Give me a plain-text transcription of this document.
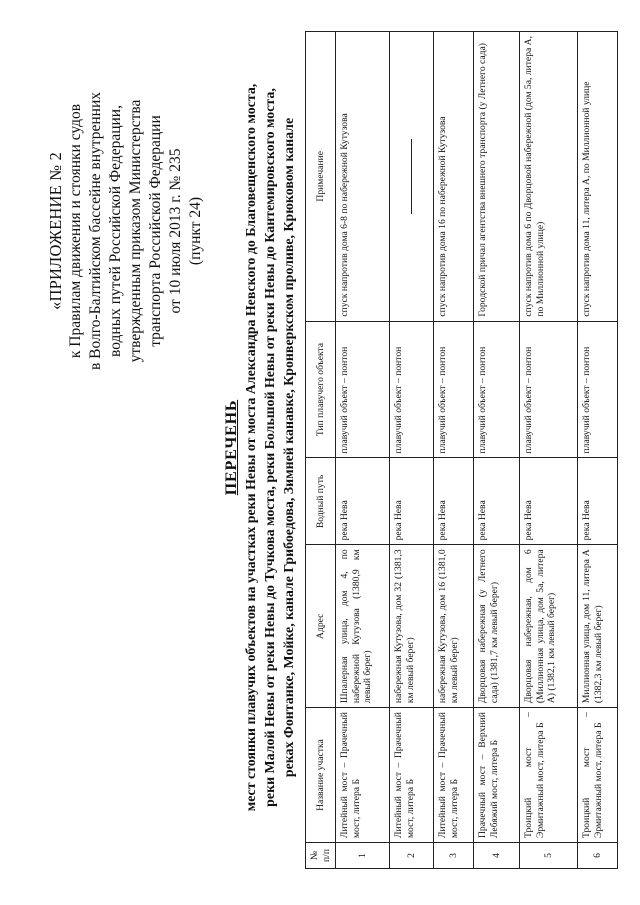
«ПРИЛОЖЕНИЕ № 2 к Правилам движения и стоянки судов в Волго-Балтийском бассейне внутренних водных путей Российской Федерации, утвержденным приказом Министерства транспорта Российской Федерации от 10 июля 2013 г. № 235 (пункт 24)
ПЕРЕЧЕНЬ мест стоянки плавучих объектов на участках реки Невы от моста Александра Невского до Благовещенского моста, реки Малой Невы от реки Невы до Тучкова моста, реки Большой Невы от реки Невы до Кантемировского моста, реках Фонтанке, Мойке, канале Грибоедова, Зимней канавке, Кронверкском проливе, Крюковом канале
№ п/п	Название участка	Адрес	Водный путь	Тип плавучего объекта	Примечание
1	Литейный мост – Прачечный мост, литера Б	Шпалерная улица, дом 4, по набережной Кутузова (1380,9 км левый берег)	река Нева	плавучий объект – понтон	спуск напротив дома 6-8 по набережной Кутузова
2	Литейный мост – Прачечный мост, литера Б	набережная Кутузова, дом 32 (1381,3 км левый берег)	река Нева	плавучий объект – понтон	

3	Литейный мост – Прачечный мост, литера Б	набережная Кутузова, дом 16 (1381,0 км левый берег)	река Нева	плавучий объект – понтон	спуск напротив дома 16 по набережной Кутузова
4	Прачечный мост – Верхний Лебяжий мост, литера Б	Дворцовая набережная (у Летнего сада) (1381,7 км левый берег)	река Нева	плавучий объект – понтон	Городской причал агентства внешнего транспорта (у Летнего сада)
5	Троицкий мост – Эрмитажный мост, литера Б	Дворцовая набережная, дом 6 (Миллионная улица, дом 5а, литера А) (1382,1 км левый берег)	река Нева	плавучий объект – понтон	спуск напротив дома 6 по Дворцовой набережной (дом 5а, литера А, по Миллионной улице)
6	Троицкий мост – Эрмитажный мост, литера Б	Миллионная улица, дом 11, литера А (1382,3 км левый берег)	река Нева	плавучий объект – понтон	спуск напротив дома 11, литера А, по Миллионной улице
